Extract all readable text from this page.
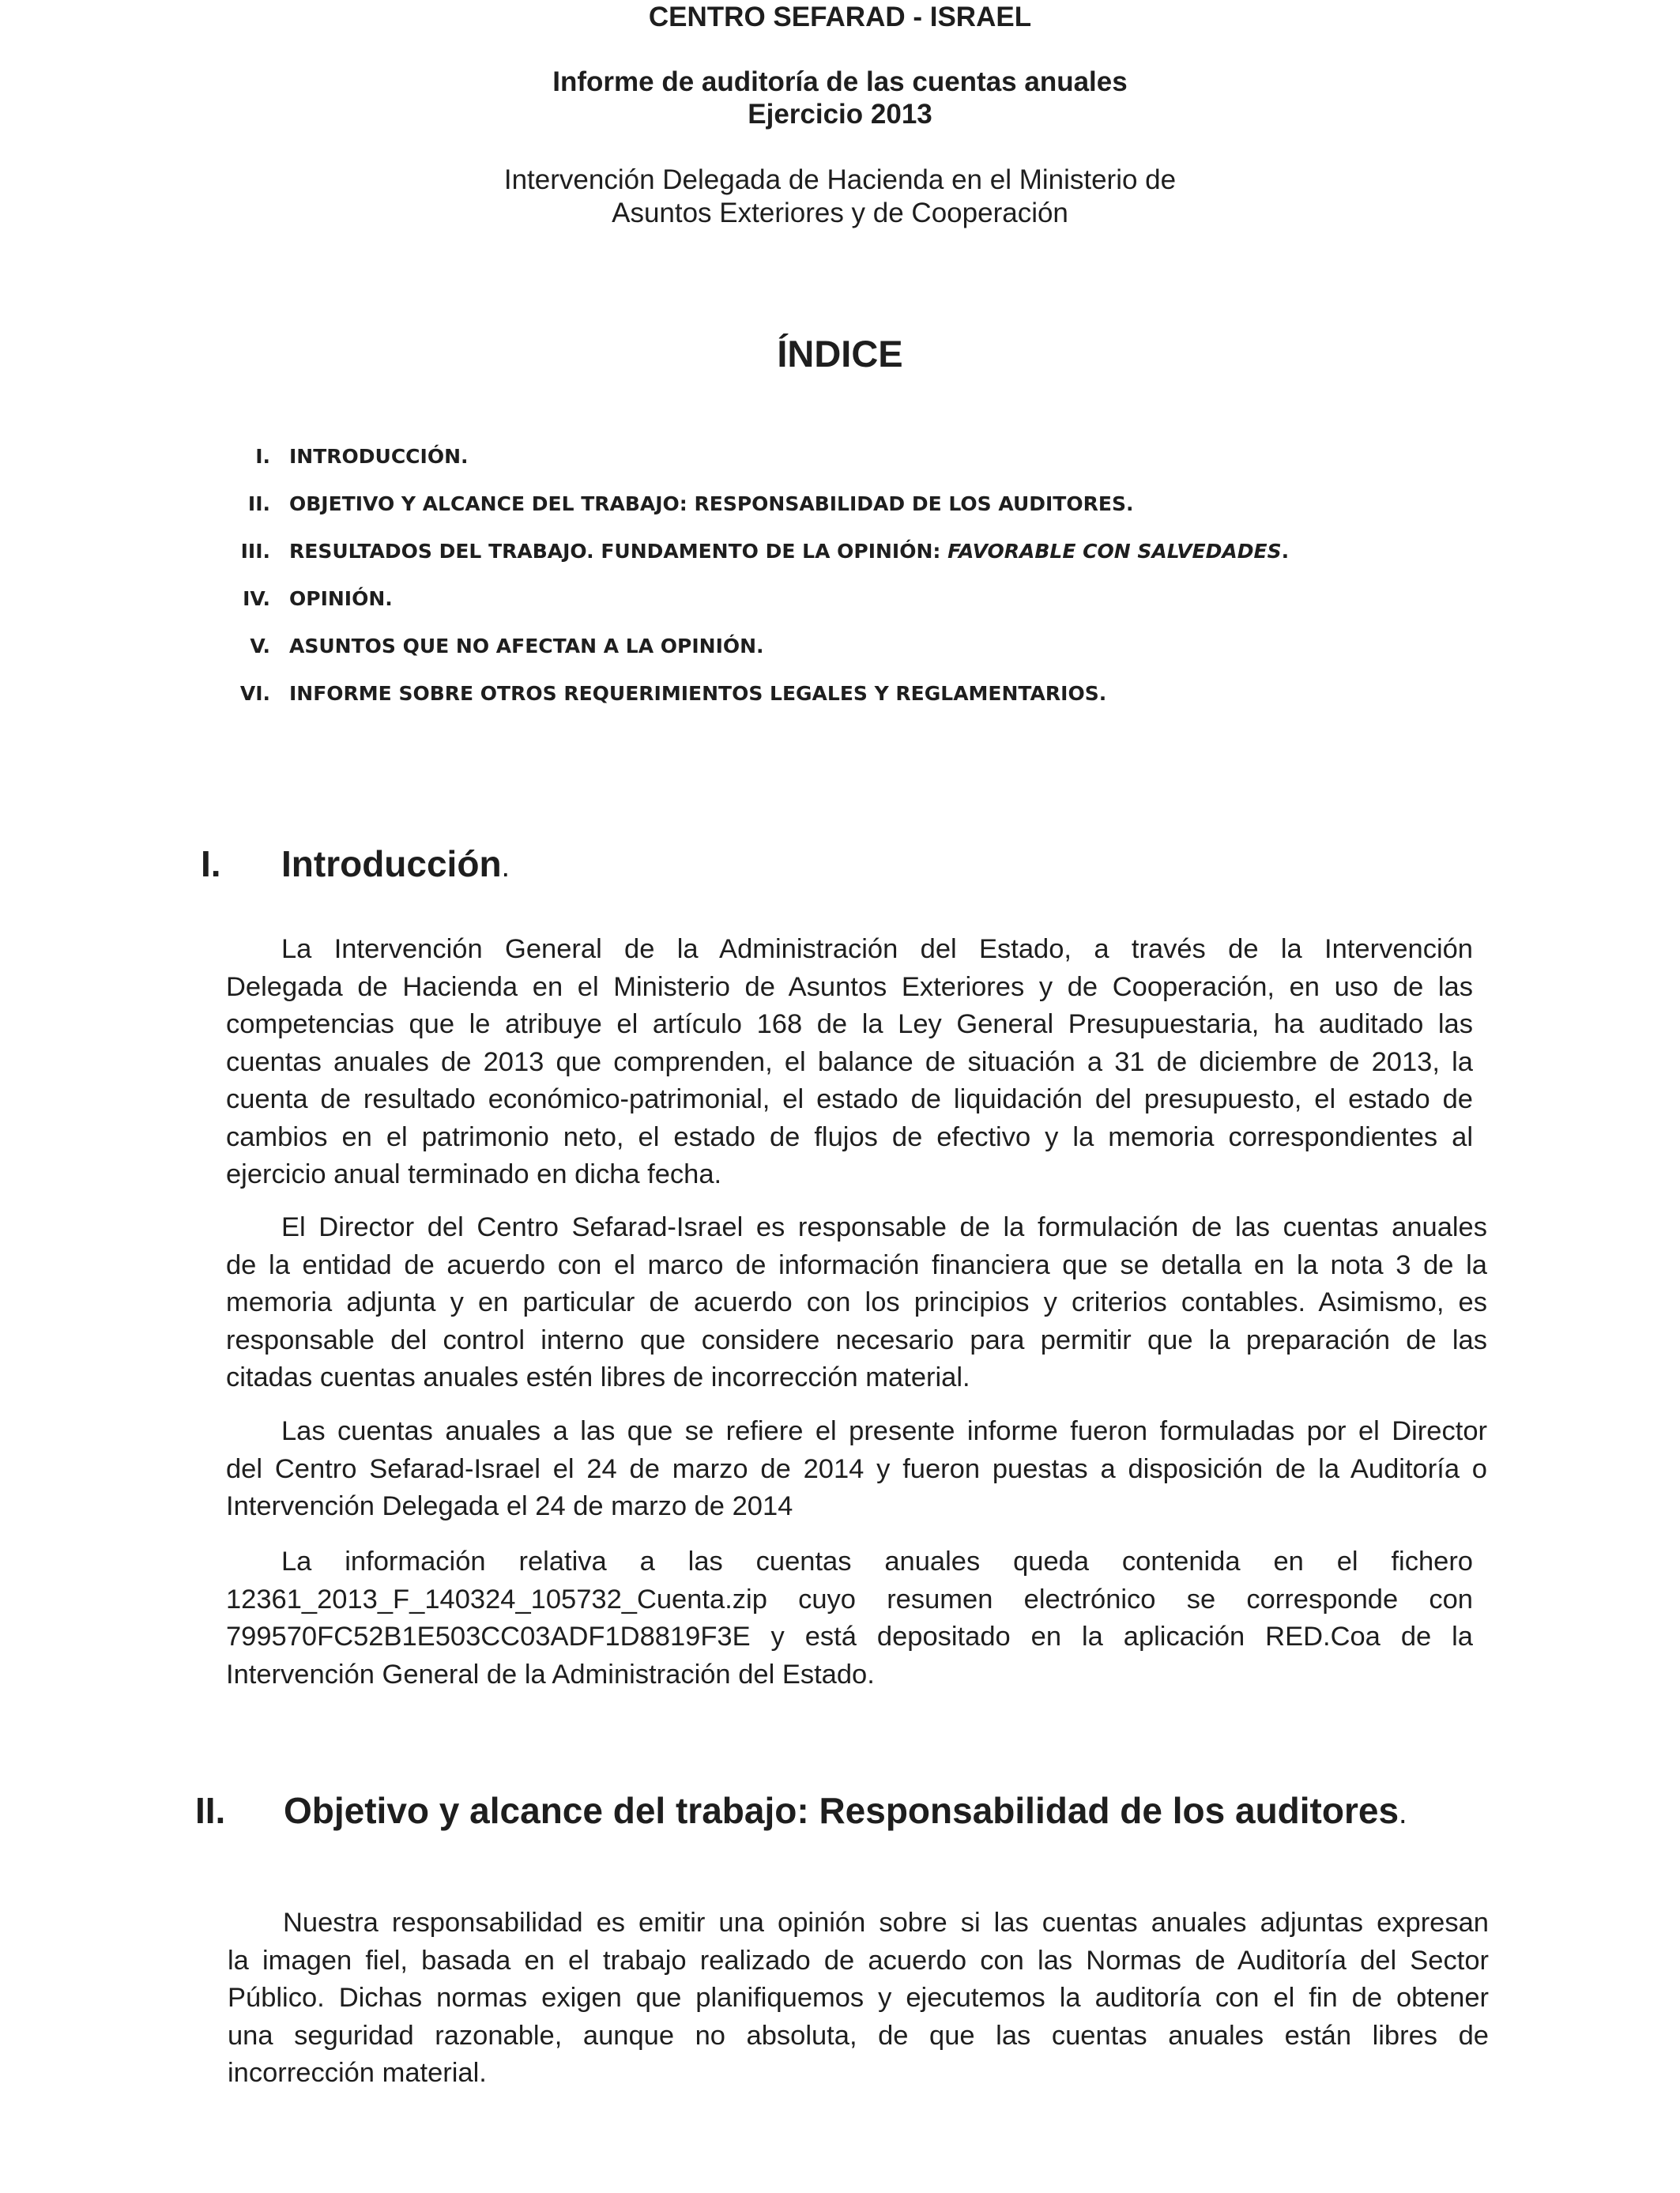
CENTRO SEFARAD - ISRAEL
Informe de auditoría de las cuentas anuales
Ejercicio 2013
Intervención Delegada de Hacienda en el Ministerio de
Asuntos Exteriores y de Cooperación
ÍNDICE
I. INTRODUCCIÓN.
II. OBJETIVO Y ALCANCE DEL TRABAJO: RESPONSABILIDAD DE LOS AUDITORES.
III. RESULTADOS DEL TRABAJO. FUNDAMENTO DE LA OPINIÓN: FAVORABLE CON SALVEDADES.
IV. OPINIÓN.
V. ASUNTOS QUE NO AFECTAN A LA OPINIÓN.
VI. INFORME SOBRE OTROS REQUERIMIENTOS LEGALES Y REGLAMENTARIOS.
I. Introducción.
La Intervención General de la Administración del Estado, a través de la Intervención
Delegada de Hacienda en el Ministerio de Asuntos Exteriores y de Cooperación, en uso de las
competencias que le atribuye el artículo 168 de la Ley General Presupuestaria, ha auditado las
cuentas anuales de 2013 que comprenden, el balance de situación a 31 de diciembre de 2013, la
cuenta de resultado económico-patrimonial, el estado de liquidación del presupuesto, el estado de
cambios en el patrimonio neto, el estado de flujos de efectivo y la memoria correspondientes al
ejercicio anual terminado en dicha fecha.
El Director del Centro Sefarad-Israel es responsable de la formulación de las cuentas anuales
de la entidad de acuerdo con el marco de información financiera que se detalla en la nota 3 de la
memoria adjunta y en particular de acuerdo con los principios y criterios contables. Asimismo, es
responsable del control interno que considere necesario para permitir que la preparación de las
citadas cuentas anuales estén libres de incorrección material.
Las cuentas anuales a las que se refiere el presente informe fueron formuladas por el Director
del Centro Sefarad-Israel el 24 de marzo de 2014 y fueron puestas a disposición de la Auditoría o
Intervención Delegada el 24 de marzo de 2014
La información relativa a las cuentas anuales queda contenida en el fichero
12361_2013_F_140324_105732_Cuenta.zip cuyo resumen electrónico se corresponde con
799570FC52B1E503CC03ADF1D8819F3E y está depositado en la aplicación RED.Coa de la
Intervención General de la Administración del Estado.
II. Objetivo y alcance del trabajo: Responsabilidad de los auditores.
Nuestra responsabilidad es emitir una opinión sobre si las cuentas anuales adjuntas expresan
la imagen fiel, basada en el trabajo realizado de acuerdo con las Normas de Auditoría del Sector
Público. Dichas normas exigen que planifiquemos y ejecutemos la auditoría con el fin de obtener
una seguridad razonable, aunque no absoluta, de que las cuentas anuales están libres de
incorrección material.
